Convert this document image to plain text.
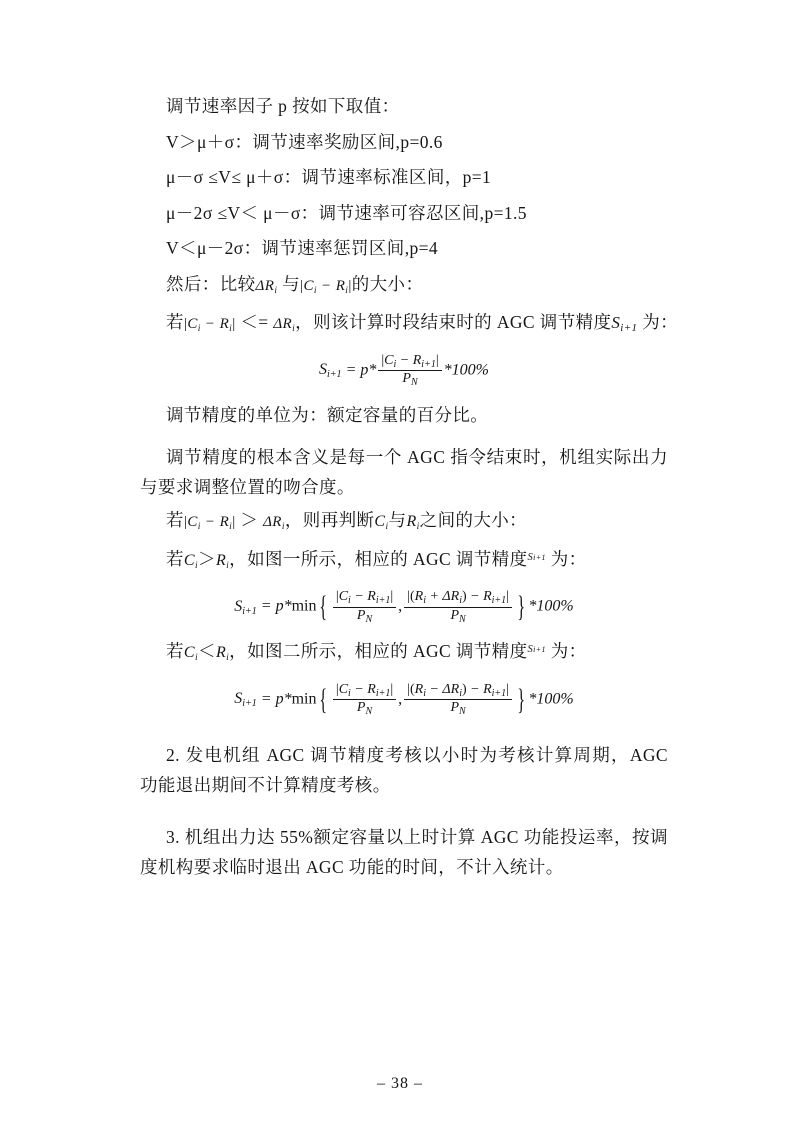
调节速率因子 p 按如下取值：
V＞μ＋σ：调节速率奖励区间,p=0.6
μ－σ ≤V≤ μ＋σ：调节速率标准区间，p=1
μ－2σ ≤V＜ μ－σ：调节速率可容忍区间,p=1.5
V＜μ－2σ：调节速率惩罚区间,p=4
然后：比较$\Delta R_i$ 与$|C_i - R_i|$的大小：
若$|C_i - R_i| <= \Delta R_i$，则该计算时段结束时的 AGC 调节精度$S_{i+1}$ 为：
$S_{i+1} = p* \frac{|C_i - R_{i+1}|}{P_N} *100\%$
调节精度的单位为：额定容量的百分比。
调节精度的根本含义是每一个 AGC 指令结束时，机组实际出力与要求调整位置的吻合度。
若$|C_i - R_i| > \Delta R_i$，则再判断$C_i$与$R_i$之间的大小：
若$C_i>R_i$，如图一所示，相应的 AGC 调节精度$^{Si+1}$ 为：
$S_{i+1} = p*\min$ { $\frac{|C_i - R_{i+1}|}{P_N}$ , $\frac{|(R_i + \Delta R_i) - R_{i+1}|}{P_N}$ } *100%
若$C_i<R_i$，如图二所示，相应的 AGC 调节精度$^{Si+1}$ 为：
$S_{i+1} = p*\min$ { $\frac{|C_i - R_{i+1}|}{P_N}$ , $\frac{|(R_i - \Delta R_i) - R_{i+1}|}{P_N}$ } *100%
2. 发电机组 AGC 调节精度考核以小时为考核计算周期，AGC 功能退出期间不计算精度考核。
3. 机组出力达 55%额定容量以上时计算 AGC 功能投运率，按调度机构要求临时退出 AGC 功能的时间，不计入统计。
– 38 –
